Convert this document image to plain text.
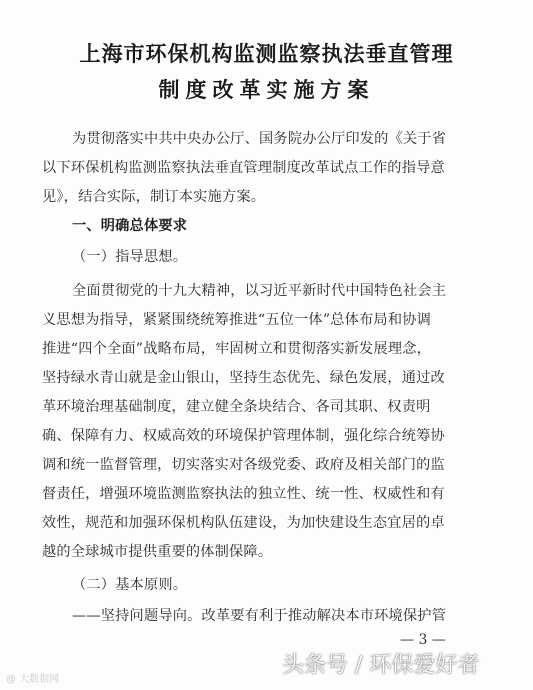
上海市环保机构监测监察执法垂直管理
制度改革实施方案
为贯彻落实中共中央办公厅、国务院办公厅印发的《关于省
以下环保机构监测监察执法垂直管理制度改革试点工作的指导意
见》，结合实际，制订本实施方案。
一、明确总体要求
（一）指导思想。
全面贯彻党的十九大精神，以习近平新时代中国特色社会主
义思想为指导，紧紧围绕统筹推进“五位一体”总体布局和协调
推进“四个全面”战略布局，牢固树立和贯彻落实新发展理念，
坚持绿水青山就是金山银山，坚持生态优先、绿色发展，通过改
革环境治理基础制度，建立健全条块结合、各司其职、权责明
确、保障有力、权威高效的环境保护管理体制，强化综合统筹协
调和统一监督管理，切实落实对各级党委、政府及相关部门的监
督责任，增强环境监测监察执法的独立性、统一性、权威性和有
效性，规范和加强环保机构队伍建设，为加快建设生态宜居的卓
越的全球城市提供重要的体制保障。
（二）基本原则。
——坚持问题导向。改革要有利于推动解决本市环境保护管
— 3 —
@ 大数据网
头条号 / 环保爱好者
